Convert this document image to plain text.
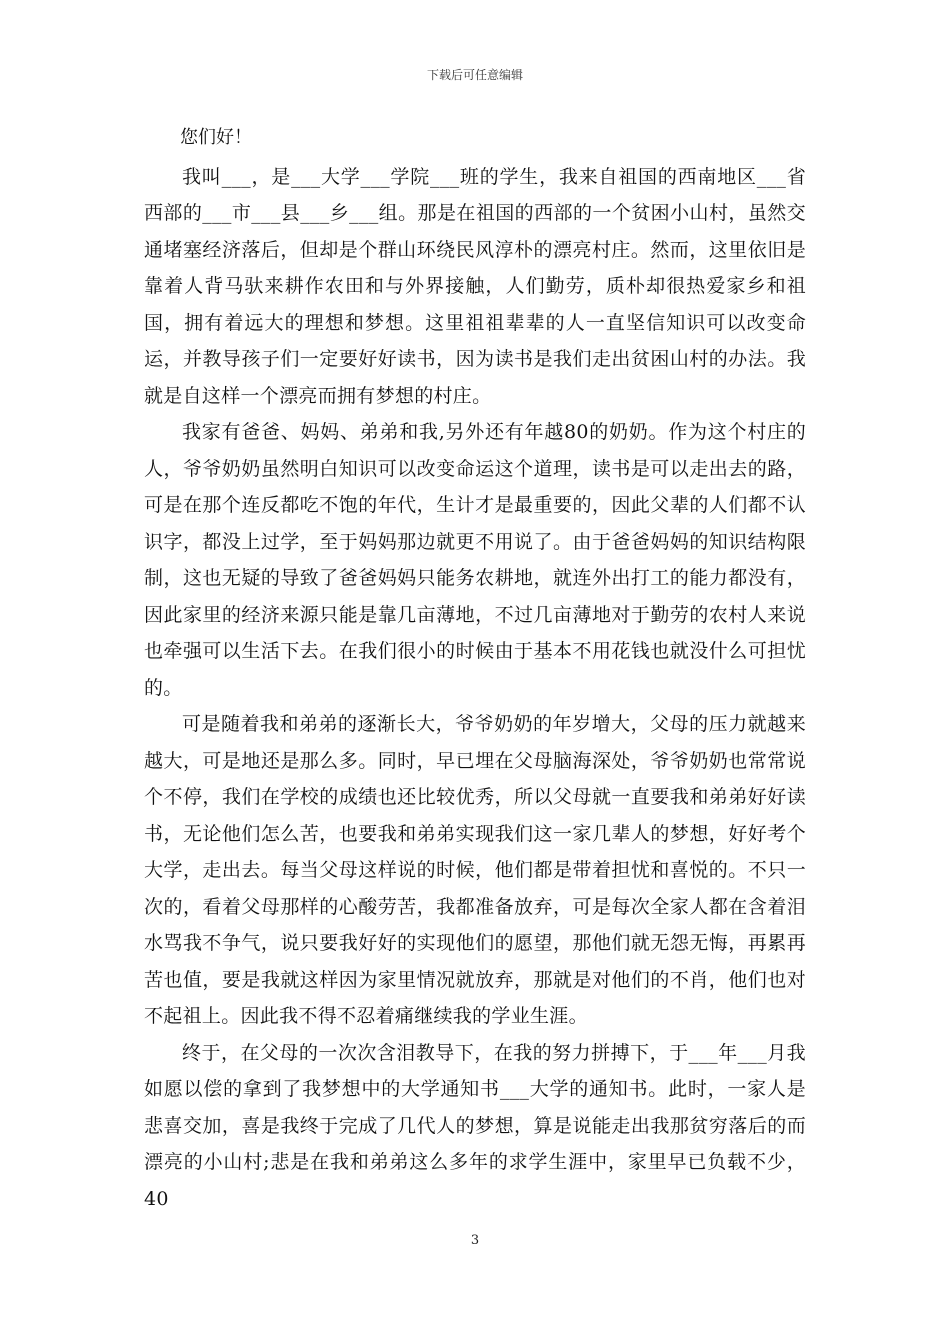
下载后可任意编辑

您们好！

我叫___，是___大学___学院___班的学生，我来自祖国的西南地区___省西部的___市___县___乡___组。那是在祖国的西部的一个贫困小山村，虽然交通堵塞经济落后，但却是个群山环绕民风淳朴的漂亮村庄。然而，这里依旧是靠着人背马驮来耕作农田和与外界接触，人们勤劳，质朴却很热爱家乡和祖国，拥有着远大的理想和梦想。这里祖祖辈辈的人一直坚信知识可以改变命运，并教导孩子们一定要好好读书，因为读书是我们走出贫困山村的办法。我就是自这样一个漂亮而拥有梦想的村庄。

我家有爸爸、妈妈、弟弟和我,另外还有年越80的奶奶。作为这个村庄的人，爷爷奶奶虽然明白知识可以改变命运这个道理，读书是可以走出去的路，可是在那个连反都吃不饱的年代，生计才是最重要的，因此父辈的人们都不认识字，都没上过学，至于妈妈那边就更不用说了。由于爸爸妈妈的知识结构限制，这也无疑的导致了爸爸妈妈只能务农耕地，就连外出打工的能力都没有，因此家里的经济来源只能是靠几亩薄地，不过几亩薄地对于勤劳的农村人来说也牵强可以生活下去。在我们很小的时候由于基本不用花钱也就没什么可担忧的。

可是随着我和弟弟的逐渐长大，爷爷奶奶的年岁增大，父母的压力就越来越大，可是地还是那么多。同时，早已埋在父母脑海深处，爷爷奶奶也常常说个不停，我们在学校的成绩也还比较优秀，所以父母就一直要我和弟弟好好读书，无论他们怎么苦，也要我和弟弟实现我们这一家几辈人的梦想，好好考个大学，走出去。每当父母这样说的时候，他们都是带着担忧和喜悦的。不只一次的，看着父母那样的心酸劳苦，我都准备放弃，可是每次全家人都在含着泪水骂我不争气，说只要我好好的实现他们的愿望，那他们就无怨无悔，再累再苦也值，要是我就这样因为家里情况就放弃，那就是对他们的不肖，他们也对不起祖上。因此我不得不忍着痛继续我的学业生涯。

终于，在父母的一次次含泪教导下，在我的努力拼搏下，于___年___月我如愿以偿的拿到了我梦想中的大学通知书___大学的通知书。此时，一家人是悲喜交加，喜是我终于完成了几代人的梦想，算是说能走出我那贫穷落后的而漂亮的小山村;悲是在我和弟弟这么多年的求学生涯中，家里早已负载不少，40

3
